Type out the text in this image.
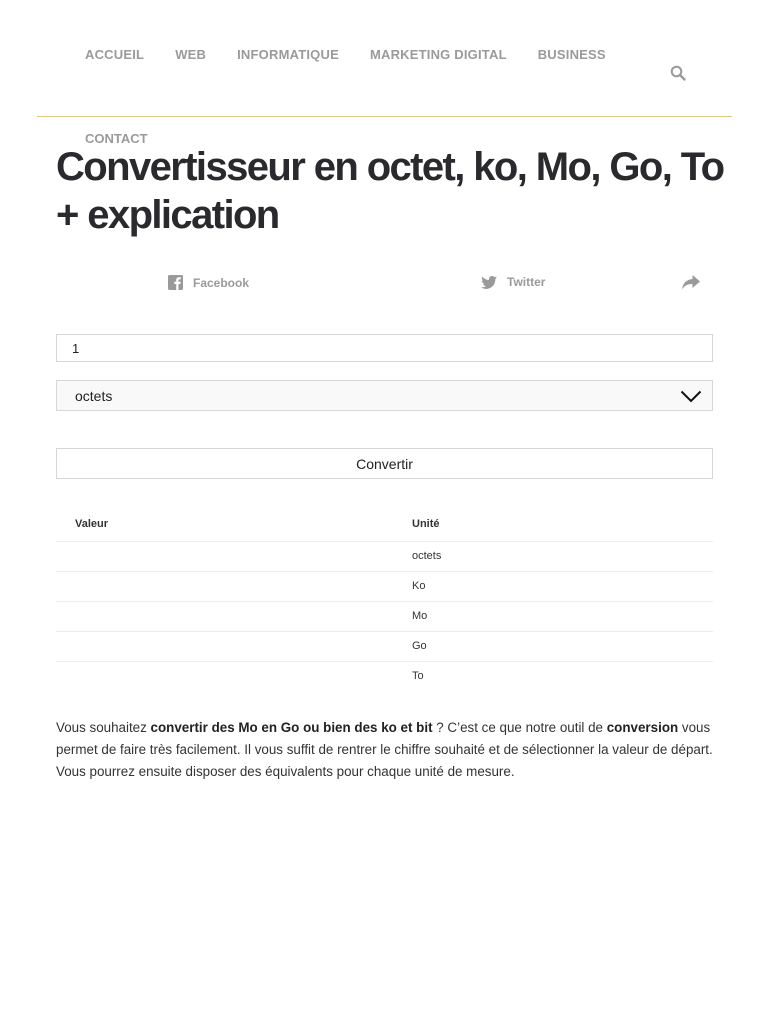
ACCUEIL WEB INFORMATIQUE MARKETING DIGITAL BUSINESS
CONTACT
Convertisseur en octet, ko, Mo, Go, To + explication
Facebook	Twitter
1
octets
Convertir
Valeur	Unité
	octets
	Ko
	Mo
	Go
	To

Vous souhaitez convertir des Mo en Go ou bien des ko et bit ? C’est ce que notre outil de conversion vous permet de faire très facilement. Il vous suffit de rentrer le chiffre souhaité et de sélectionner la valeur de départ. Vous pourrez ensuite disposer des équivalents pour chaque unité de mesure.
